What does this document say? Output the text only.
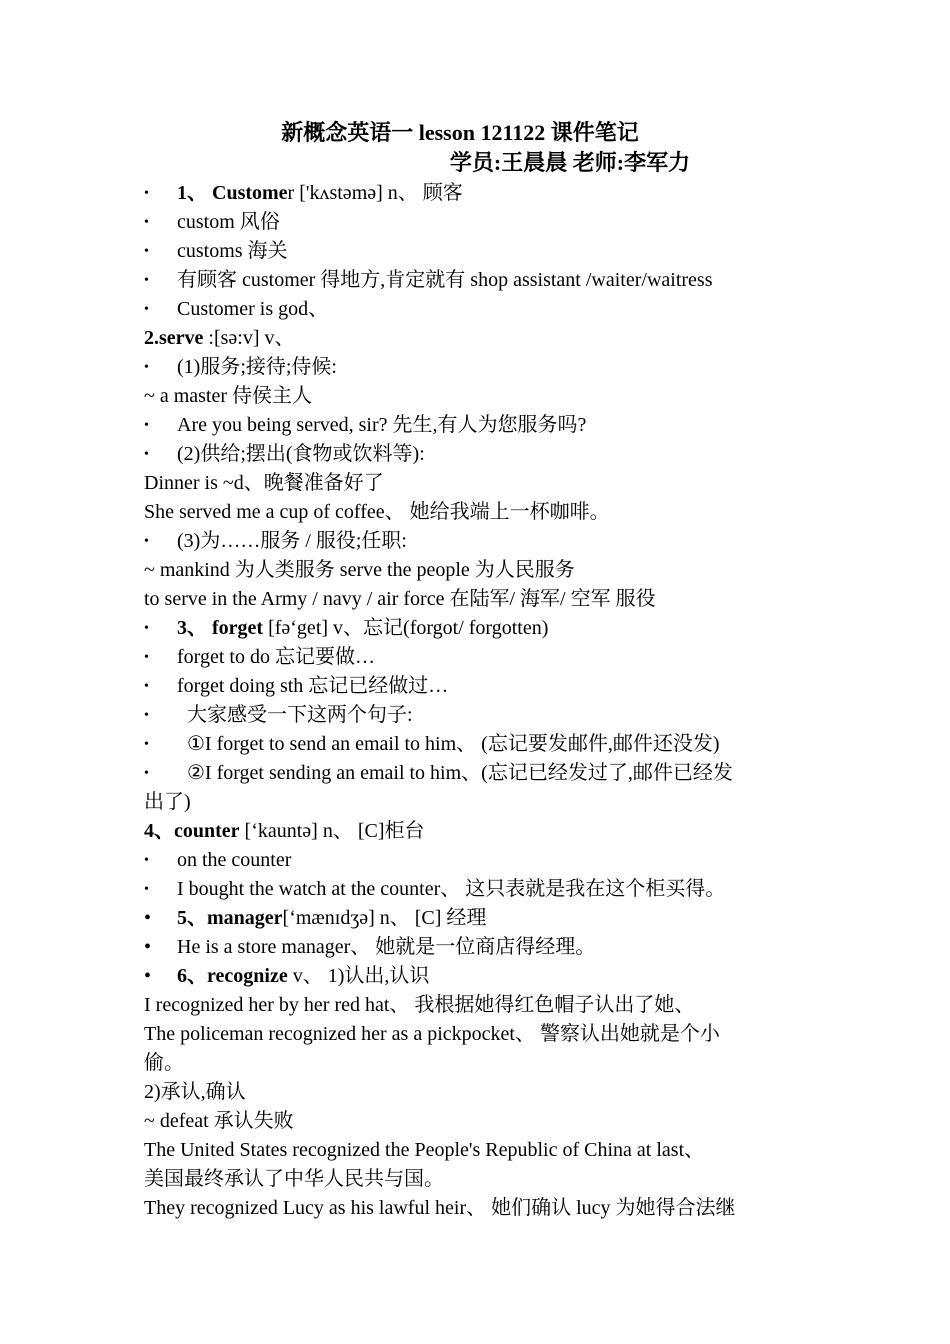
新概念英语一 lesson 121122 课件笔记
学员:王晨晨 老师:李军力
• 1、 Customer ['kʌstəmə] n、 顾客
• custom 风俗
• customs 海关
• 有顾客 customer 得地方,肯定就有 shop assistant /waiter/waitress
• Customer is god、
2.serve :[sə:v] v、
• (1)服务;接待;侍候:
~ a master 侍侯主人
• Are you being served, sir? 先生,有人为您服务吗?
• (2)供给;摆出(食物或饮料等):
Dinner is ~d、晚餐准备好了
She served me a cup of coffee、 她给我端上一杯咖啡。
• (3)为……服务 / 服役;任职:
~ mankind 为人类服务 serve the people 为人民服务
to serve in the Army / navy / air force 在陆军/ 海军/ 空军 服役
• 3、 forget [fə‘get] v、忘记(forgot/ forgotten)
• forget to do 忘记要做…
• forget doing sth 忘记已经做过…
• 大家感受一下这两个句子:
• ①I forget to send an email to him、 (忘记要发邮件,邮件还没发)
• ②I forget sending an email to him、(忘记已经发过了,邮件已经发
出了)
4、counter [‘kauntə] n、 [C]柜台
• on the counter
• I bought the watch at the counter、 这只表就是我在这个柜买得。
• 5、manager[‘mænɪdʒə] n、 [C] 经理
• He is a store manager、 她就是一位商店得经理。
• 6、recognize v、 1)认出,认识
I recognized her by her red hat、 我根据她得红色帽子认出了她、
The policeman recognized her as a pickpocket、 警察认出她就是个小
偷。
2)承认,确认
~ defeat 承认失败
The United States recognized the People's Republic of China at last、
美国最终承认了中华人民共与国。
They recognized Lucy as his lawful heir、 她们确认 lucy 为她得合法继
